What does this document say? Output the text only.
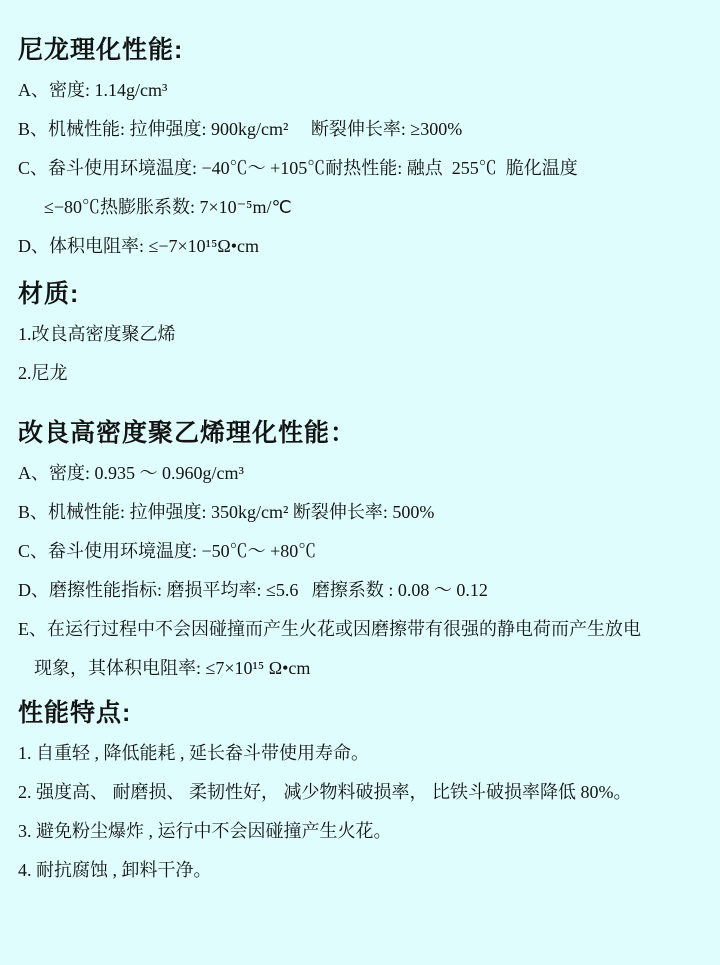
尼龙理化性能:

A、密度: 1.14g/cm³

B、机械性能: 拉伸强度: 900kg/cm²     断裂伸长率: ≥300%

C、畚斗使用环境温度: −40℃～ +105℃耐热性能: 融点  255℃  脆化温度

≤−80℃热膨胀系数: 7×10⁻⁵m/℃

D、体积电阻率: ≤−7×10¹⁵Ω•cm

材质:

1.改良高密度聚乙烯

2.尼龙

改良高密度聚乙烯理化性能：

A、密度: 0.935 ～ 0.960g/cm³

B、机械性能: 拉伸强度: 350kg/cm² 断裂伸长率: 500%

C、畚斗使用环境温度: −50℃～ +80℃

D、磨擦性能指标: 磨损平均率: ≤5.6   磨擦系数 : 0.08 ～ 0.12

E、在运行过程中不会因碰撞而产生火花或因磨擦带有很强的静电荷而产生放电

现象，其体积电阻率: ≤7×10¹⁵ Ω•cm

性能特点:

1. 自重轻 , 降低能耗 , 延长畚斗带使用寿命。

2. 强度高、 耐磨损、 柔韧性好， 减少物料破损率， 比铁斗破损率降低 80%。

3. 避免粉尘爆炸 , 运行中不会因碰撞产生火花。

4. 耐抗腐蚀 , 卸料干净。
